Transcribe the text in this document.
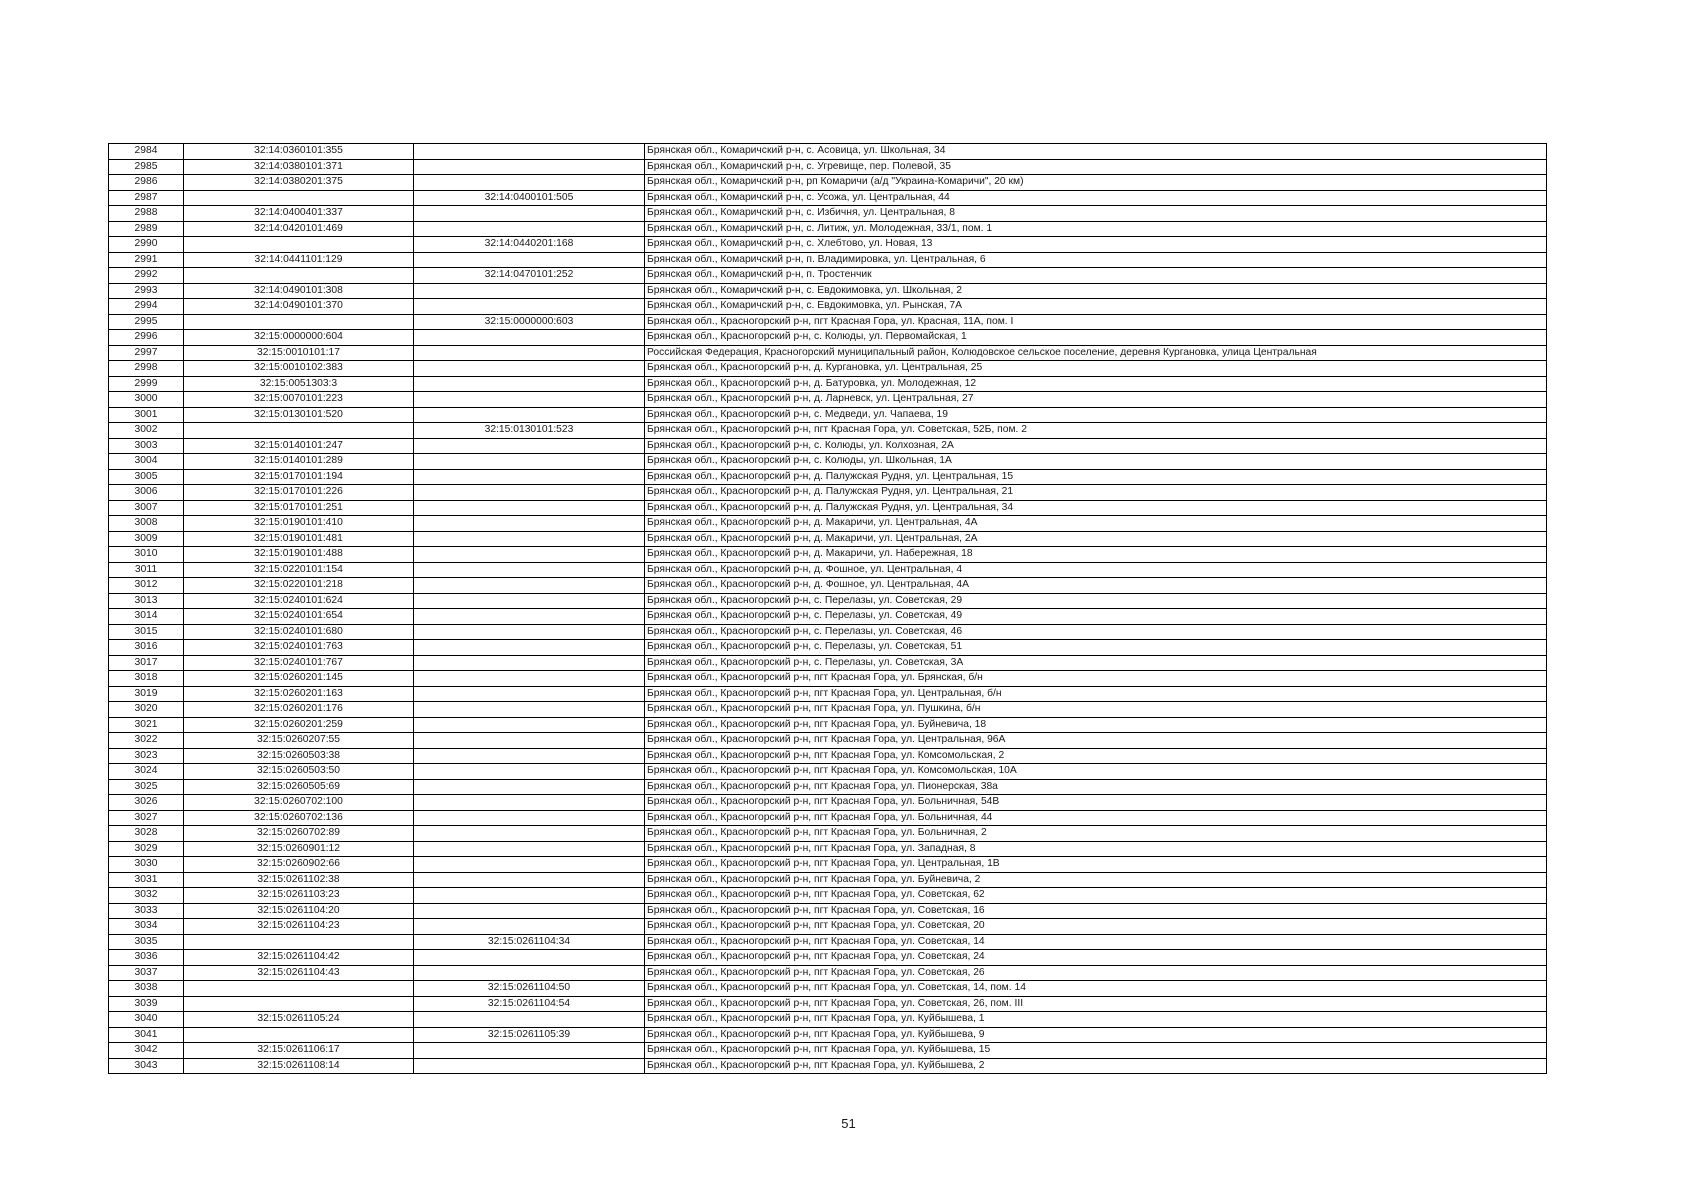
2984	32:14:0360101:355		Брянская обл., Комаричский р-н, с. Асовица, ул. Школьная, 34
2985	32:14:0380101:371		Брянская обл., Комаричский р-н, с. Угревище, пер. Полевой, 35
2986	32:14:0380201:375		Брянская обл., Комаричский р-н, рп Комаричи (а/д "Украина-Комаричи", 20 км)
2987		32:14:0400101:505	Брянская обл., Комаричский р-н, с. Усожа, ул. Центральная, 44
2988	32:14:0400401:337		Брянская обл., Комаричский р-н, с. Избичня, ул. Центральная, 8
2989	32:14:0420101:469		Брянская обл., Комаричский р-н, с. Литиж, ул. Молодежная, 33/1, пом. 1
2990		32:14:0440201:168	Брянская обл., Комаричский р-н, с. Хлебтово, ул. Новая, 13
2991	32:14:0441101:129		Брянская обл., Комаричский р-н, п. Владимировка, ул. Центральная, 6
2992		32:14:0470101:252	Брянская обл., Комаричский р-н, п. Тростенчик
2993	32:14:0490101:308		Брянская обл., Комаричский р-н, с. Евдокимовка, ул. Школьная, 2
2994	32:14:0490101:370		Брянская обл., Комаричский р-н, с. Евдокимовка, ул. Рынская, 7А
2995		32:15:0000000:603	Брянская обл., Красногорский р-н, пгт Красная Гора, ул. Красная, 11А, пом. I
2996	32:15:0000000:604		Брянская обл., Красногорский р-н, с. Колюды, ул. Первомайская, 1
2997	32:15:0010101:17		Российская Федерация, Красногорский муниципальный район, Колюдовское сельское поселение, деревня Кургановка, улица Центральная
2998	32:15:0010102:383		Брянская обл., Красногорский р-н, д. Кургановка, ул. Центральная, 25
2999	32:15:0051303:3		Брянская обл., Красногорский р-н, д. Батуровка, ул. Молодежная, 12
3000	32:15:0070101:223		Брянская обл., Красногорский р-н, д. Ларневск, ул. Центральная, 27
3001	32:15:0130101:520		Брянская обл., Красногорский р-н, с. Медведи, ул. Чапаева, 19
3002		32:15:0130101:523	Брянская обл., Красногорский р-н, пгт Красная Гора, ул. Советская, 52Б, пом. 2
3003	32:15:0140101:247		Брянская обл., Красногорский р-н, с. Колюды, ул. Колхозная, 2А
3004	32:15:0140101:289		Брянская обл., Красногорский р-н, с. Колюды, ул. Школьная, 1А
3005	32:15:0170101:194		Брянская обл., Красногорский р-н, д. Палужская Рудня, ул. Центральная, 15
3006	32:15:0170101:226		Брянская обл., Красногорский р-н, д. Палужская Рудня, ул. Центральная, 21
3007	32:15:0170101:251		Брянская обл., Красногорский р-н, д. Палужская Рудня, ул. Центральная, 34
3008	32:15:0190101:410		Брянская обл., Красногорский р-н, д. Макаричи, ул. Центральная, 4А
3009	32:15:0190101:481		Брянская обл., Красногорский р-н, д. Макаричи, ул. Центральная, 2А
3010	32:15:0190101:488		Брянская обл., Красногорский р-н, д. Макаричи, ул. Набережная, 18
3011	32:15:0220101:154		Брянская обл., Красногорский р-н, д. Фошное, ул. Центральная, 4
3012	32:15:0220101:218		Брянская обл., Красногорский р-н, д. Фошное, ул. Центральная, 4А
3013	32:15:0240101:624		Брянская обл., Красногорский р-н, с. Перелазы, ул. Советская, 29
3014	32:15:0240101:654		Брянская обл., Красногорский р-н, с. Перелазы, ул. Советская, 49
3015	32:15:0240101:680		Брянская обл., Красногорский р-н, с. Перелазы, ул. Советская, 46
3016	32:15:0240101:763		Брянская обл., Красногорский р-н, с. Перелазы, ул. Советская, 51
3017	32:15:0240101:767		Брянская обл., Красногорский р-н, с. Перелазы, ул. Советская, 3А
3018	32:15:0260201:145		Брянская обл., Красногорский р-н, пгт Красная Гора, ул. Брянская, б/н
3019	32:15:0260201:163		Брянская обл., Красногорский р-н, пгт Красная Гора, ул. Центральная, б/н
3020	32:15:0260201:176		Брянская обл., Красногорский р-н, пгт Красная Гора, ул. Пушкина, б/н
3021	32:15:0260201:259		Брянская обл., Красногорский р-н, пгт Красная Гора, ул. Буйневича, 18
3022	32:15:0260207:55		Брянская обл., Красногорский р-н, пгт Красная Гора, ул. Центральная, 96А
3023	32:15:0260503:38		Брянская обл., Красногорский р-н, пгт Красная Гора, ул. Комсомольская, 2
3024	32:15:0260503:50		Брянская обл., Красногорский р-н, пгт Красная Гора, ул. Комсомольская, 10А
3025	32:15:0260505:69		Брянская обл., Красногорский р-н, пгт Красная Гора, ул. Пионерская, 38а
3026	32:15:0260702:100		Брянская обл., Красногорский р-н, пгт Красная Гора, ул. Больничная, 54В
3027	32:15:0260702:136		Брянская обл., Красногорский р-н, пгт Красная Гора, ул. Больничная, 44
3028	32:15:0260702:89		Брянская обл., Красногорский р-н, пгт Красная Гора, ул. Больничная, 2
3029	32:15:0260901:12		Брянская обл., Красногорский р-н, пгт Красная Гора, ул. Западная, 8
3030	32:15:0260902:66		Брянская обл., Красногорский р-н, пгт Красная Гора, ул. Центральная, 1В
3031	32:15:0261102:38		Брянская обл., Красногорский р-н, пгт Красная Гора, ул. Буйневича, 2
3032	32:15:0261103:23		Брянская обл., Красногорский р-н, пгт Красная Гора, ул. Советская, 62
3033	32:15:0261104:20		Брянская обл., Красногорский р-н, пгт Красная Гора, ул. Советская, 16
3034	32:15:0261104:23		Брянская обл., Красногорский р-н, пгт Красная Гора, ул. Советская, 20
3035		32:15:0261104:34	Брянская обл., Красногорский р-н, пгт Красная Гора, ул. Советская, 14
3036	32:15:0261104:42		Брянская обл., Красногорский р-н, пгт Красная Гора, ул. Советская, 24
3037	32:15:0261104:43		Брянская обл., Красногорский р-н, пгт Красная Гора, ул. Советская, 26
3038		32:15:0261104:50	Брянская обл., Красногорский р-н, пгт Красная Гора, ул. Советская, 14, пом. 14
3039		32:15:0261104:54	Брянская обл., Красногорский р-н, пгт Красная Гора, ул. Советская, 26, пом. III
3040	32:15:0261105:24		Брянская обл., Красногорский р-н, пгт Красная Гора, ул. Куйбышева, 1
3041		32:15:0261105:39	Брянская обл., Красногорский р-н, пгт Красная Гора, ул. Куйбышева, 9
3042	32:15:0261106:17		Брянская обл., Красногорский р-н, пгт Красная Гора, ул. Куйбышева, 15
3043	32:15:0261108:14		Брянская обл., Красногорский р-н, пгт Красная Гора, ул. Куйбышева, 2
51
